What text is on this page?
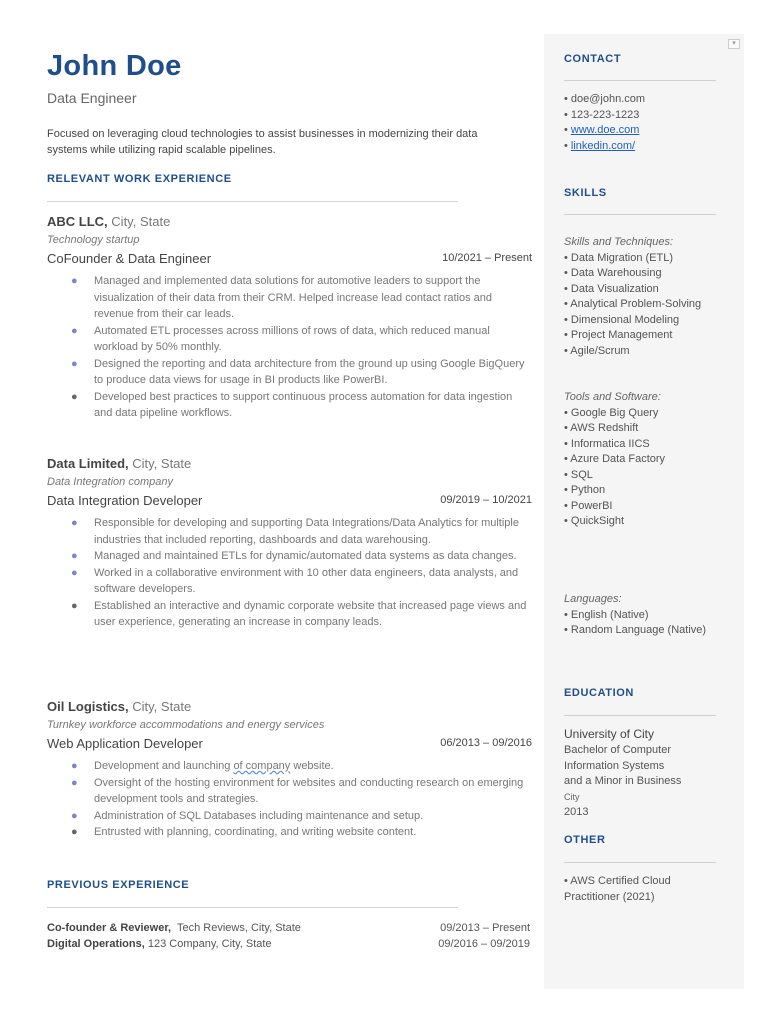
John Doe
Data Engineer
Focused on leveraging cloud technologies to assist businesses in modernizing their data systems while utilizing rapid scalable pipelines.
RELEVANT WORK EXPERIENCE
ABC LLC, City, State
Technology startup
CoFounder & Data Engineer	10/2021 – Present
● Managed and implemented data solutions for automotive leaders to support the visualization of their data from their CRM. Helped increase lead contact ratios and revenue from their car leads.
● Automated ETL processes across millions of rows of data, which reduced manual workload by 50% monthly.
● Designed the reporting and data architecture from the ground up using Google BigQuery to produce data views for usage in BI products like PowerBI.
● Developed best practices to support continuous process automation for data ingestion and data pipeline workflows.
Data Limited, City, State
Data Integration company
Data Integration Developer	09/2019 – 10/2021
● Responsible for developing and supporting Data Integrations/Data Analytics for multiple industries that included reporting, dashboards and data warehousing.
● Managed and maintained ETLs for dynamic/automated data systems as data changes.
● Worked in a collaborative environment with 10 other data engineers, data analysts, and software developers.
● Established an interactive and dynamic corporate website that increased page views and user experience, generating an increase in company leads.
Oil Logistics, City, State
Turnkey workforce accommodations and energy services
Web Application Developer	06/2013 – 09/2016
● Development and launching of company website.
● Oversight of the hosting environment for websites and conducting research on emerging development tools and strategies.
● Administration of SQL Databases including maintenance and setup.
● Entrusted with planning, coordinating, and writing website content.
PREVIOUS EXPERIENCE
Co-founder & Reviewer, Tech Reviews, City, State	09/2013 – Present
Digital Operations, 123 Company, City, State	09/2016 – 09/2019
▾
CONTACT
• doe@john.com
• 123-223-1223
• www.doe.com
• linkedin.com/
SKILLS
Skills and Techniques:
• Data Migration (ETL)
• Data Warehousing
• Data Visualization
• Analytical Problem-Solving
• Dimensional Modeling
• Project Management
• Agile/Scrum
Tools and Software:
• Google Big Query
• AWS Redshift
• Informatica IICS
• Azure Data Factory
• SQL
• Python
• PowerBI
• QuickSight
Languages:
• English (Native)
• Random Language (Native)
EDUCATION
University of City
Bachelor of Computer
Information Systems
and a Minor in Business
City
2013
OTHER
• AWS Certified Cloud
Practitioner (2021)
